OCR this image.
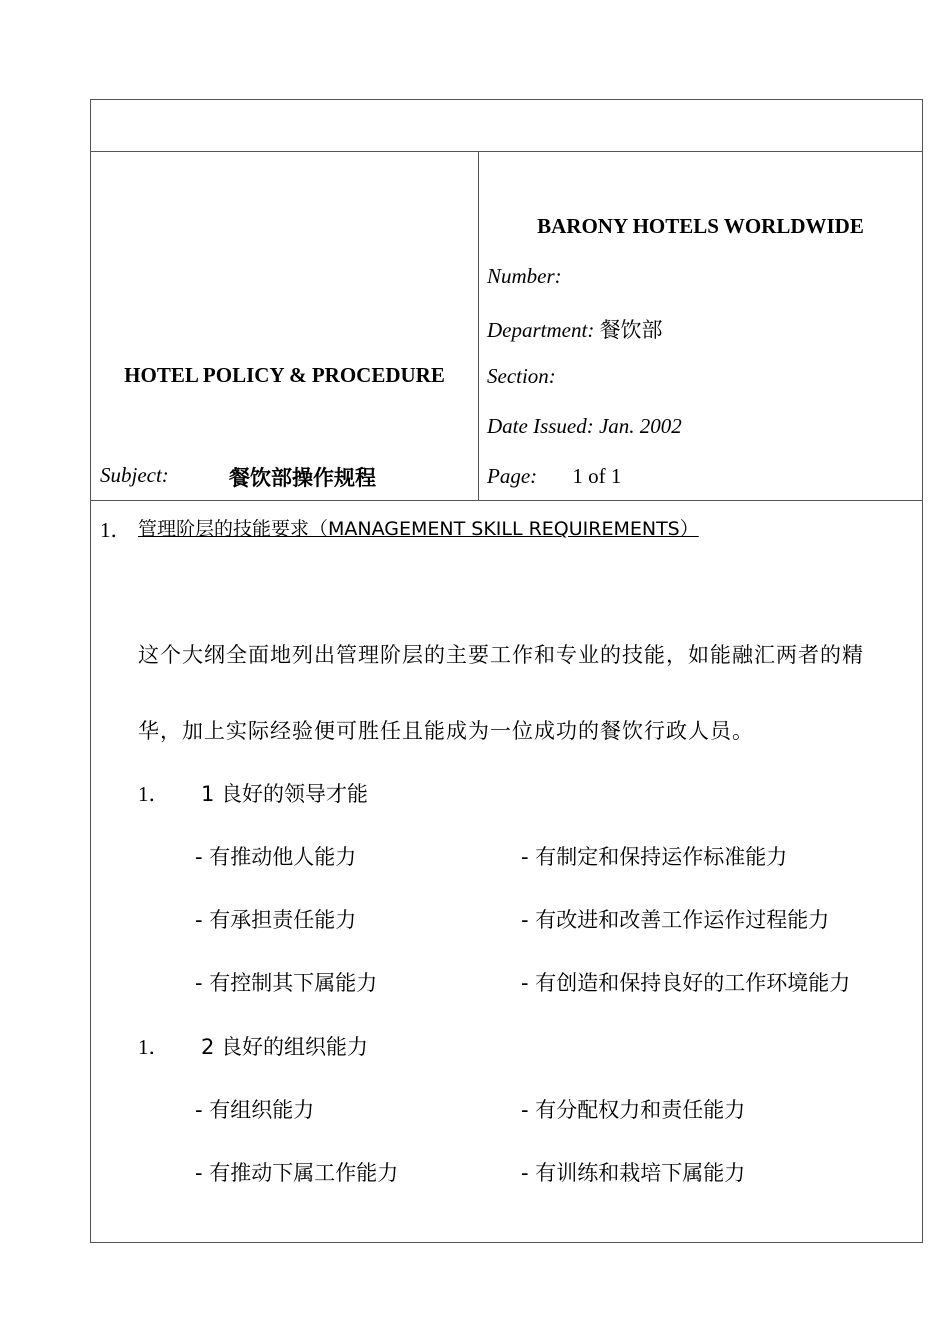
HOTEL POLICY & PROCEDURE
Subject:	餐饮部操作规程
BARONY HOTELS WORLDWIDE
Number:
Department: 餐饮部
Section:
Date Issued: Jan. 2002
Page: 1 of 1
1． 管理阶层的技能要求（MANAGEMENT SKILL REQUIREMENTS）
这个大纲全面地列出管理阶层的主要工作和专业的技能，如能融汇两者的精
华，加上实际经验便可胜任且能成为一位成功的餐饮行政人员。
1． 1 良好的领导才能
- 有推动他人能力	- 有制定和保持运作标准能力
- 有承担责任能力	- 有改进和改善工作运作过程能力
- 有控制其下属能力	- 有创造和保持良好的工作环境能力
1． 2 良好的组织能力
- 有组织能力	- 有分配权力和责任能力
- 有推动下属工作能力	- 有训练和栽培下属能力
